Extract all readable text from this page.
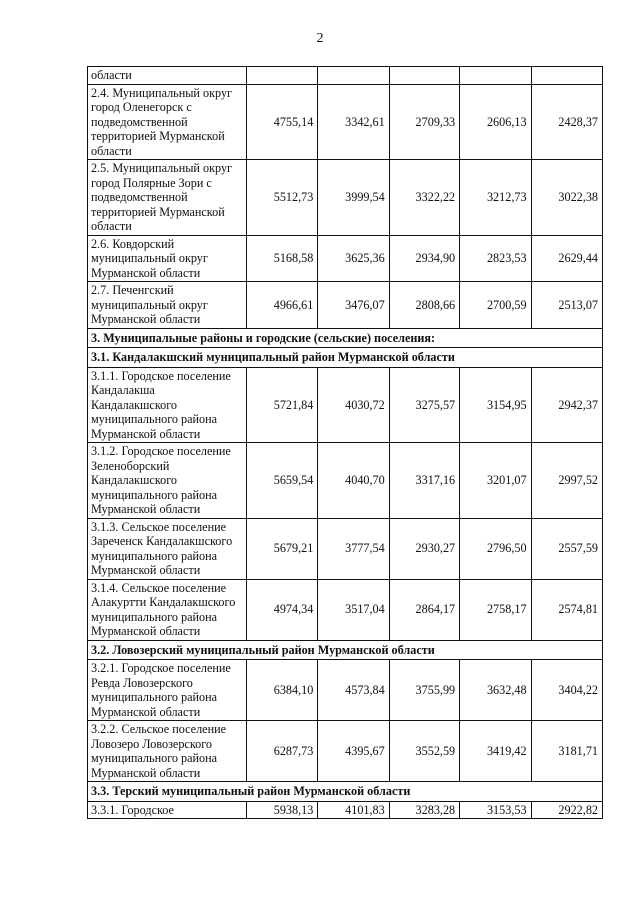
2
области					
2.4. Муниципальный округ город Оленегорск с подведомственной территорией Мурманской области	4755,14	3342,61	2709,33	2606,13	2428,37
2.5. Муниципальный округ город Полярные Зори с подведомственной территорией Мурманской области	5512,73	3999,54	3322,22	3212,73	3022,38
2.6. Ковдорский муниципальный округ Мурманской области	5168,58	3625,36	2934,90	2823,53	2629,44
2.7. Печенгский муниципальный округ Мурманской области	4966,61	3476,07	2808,66	2700,59	2513,07
3. Муниципальные районы и городские (сельские) поселения:					
3.1. Кандалакшский муниципальный район Мурманской области					
3.1.1. Городское поселение Кандалакша Кандалакшского муниципального района Мурманской области	5721,84	4030,72	3275,57	3154,95	2942,37
3.1.2. Городское поселение Зеленоборский Кандалакшского муниципального района Мурманской области	5659,54	4040,70	3317,16	3201,07	2997,52
3.1.3. Сельское поселение Зареченск Кандалакшского муниципального района Мурманской области	5679,21	3777,54	2930,27	2796,50	2557,59
3.1.4. Сельское поселение Алакуртти Кандалакшского муниципального района Мурманской области	4974,34	3517,04	2864,17	2758,17	2574,81
3.2. Ловозерский муниципальный район Мурманской области					
3.2.1. Городское поселение Ревда Ловозерского муниципального района Мурманской области	6384,10	4573,84	3755,99	3632,48	3404,22
3.2.2. Сельское поселение Ловозеро Ловозерского муниципального района Мурманской области	6287,73	4395,67	3552,59	3419,42	3181,71
3.3. Терский муниципальный район Мурманской области					
3.3.1. Городское	5938,13	4101,83	3283,28	3153,53	2922,82
